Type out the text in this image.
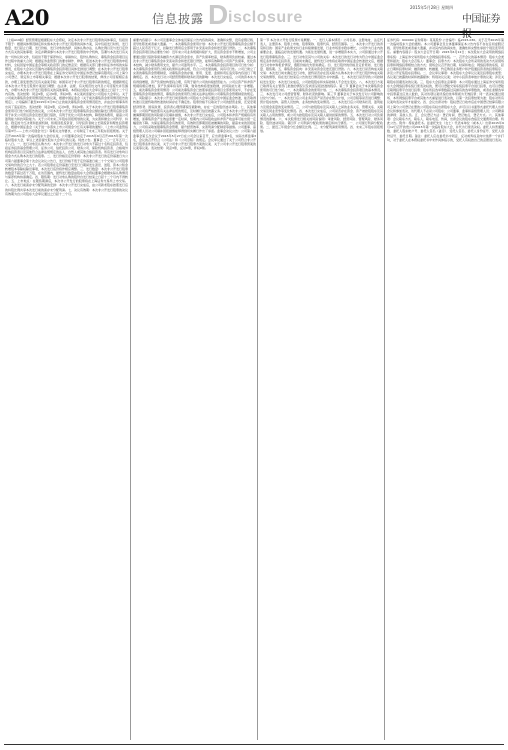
A20	信息披露 D isclosure
2015年5月28日 星期四
中国证券

（上接A19版）经营管理层根据股东大会授权，决定本次非公开发行股票的具体事宜，包括但不限于：根据具体情况制定和实施本次非公开发行股票的具体方案，其中包括发行时机、发行数量、发行起止日期、发行价格、发行对象的选择、具体认购办法、认购比例以及与发行定价方式有关的其他事项；决定并聘请参与本次非公开发行股票的中介机构，签署与本次发行有关的一切协议和文件，包括但不限于保荐协议、承销协议、股份认购协议、募集资金投资项目运作过程中的重大合同；根据证券监管部门的要求制作、修改、报送本次非公开发行股票的申报材料，全权回复中国证监会等相关政府部门的反馈意见；根据有关部门要求和证券市场的实际情况，在股东大会决议范围内对募集资金投资项目具体安排进行调整；在本次非公开发行股票完成后，办理本次非公开发行股票在上海证券交易所及中国证券登记结算有限责任公司上海分公司登记、锁定和上市等相关事宜；根据本次非公开发行股票的结果，修改公司章程相应条款，办理工商变更登记及有关备案手续；如国家对于非公开发行股票有新的规定，根据新规定对本次非公开发行股票方案进行调整；在法律、法规、有关规范性文件及公司章程允许范围内，办理与本次非公开发行股票有关的其他事项。本授权自股东大会审议通过之日起十二个月内有效。表决结果：同意9票，反对0票，弃权0票。本议案尚需提交公司股东大会审议。关于公司前次募集资金使用情况报告的议案，根据中国证监会《关于前次募集资金使用情况报告的规定》，公司编制了截至2015年3月31日止的前次募集资金使用情况报告，并由会计师事务所出具了鉴证报告。表决结果：同意9票，反对0票，弃权0票。关于本次非公开发行股票募集资金使用可行性分析报告的议案，公司本次非公开发行股票募集资金总额扣除发行费用后拟全部用于补充公司营运资金及偿还银行借款，有利于优化公司资本结构，降低财务费用，提高公司盈利能力和抗风险能力。关于公司未来三年股东回报规划的议案，为完善和健全公司科学、持续、稳定的分红决策和监督机制，积极回报投资者，引导投资者树立长期投资和理性投资理念，根据中国证监会《关于进一步落实上市公司现金分红有关事项的通知》、《上市公司监管指引第3号——上市公司现金分红》等相关文件要求，公司制定了未来三年股东回报规划。关于召开2015年第一次临时股东大会的议案，公司董事会决定于2015年6月召开2015年第一次临时股东大会，审议上述需提交股东大会审议的议案。特此公告。董事会 二〇一五年五月二十八日。一、发行对象及认购方式：本次非公开发行的发行对象为不超过十名特定投资者，包括证券投资基金管理公司、证券公司、信托投资公司、财务公司、保险机构投资者、合格境外机构投资者以及其他符合法律法规规定的法人、自然人或其他合格投资者。所有发行对象均以现金方式认购本次发行的股票。二、发行价格及定价原则：本次非公开发行的定价基准日为公司第六届董事会第十次会议决议公告日，发行价格不低于定价基准日前二十个交易日公司股票交易均价的百分之九十。若公司股票在定价基准日至发行日期间发生派息、送股、资本公积金转增股本等除权除息事项，本次发行底价将作相应调整。三、发行数量：本次非公开发行股票的数量不超过若干万股，在该范围内，最终发行数量由股东大会授权董事会根据实际认购情况与保荐机构协商确定。四、限售期：发行对象认购的股份自发行结束之日起十二个月内不得转让。五、上市地点：在限售期满后，本次非公开发行的股票将在上海证券交易所上市交易。六、本次发行前滚存未分配利润的安排：本次非公开发行完成后，由公司新老股东按照发行后的持股比例共享本次发行前的滚存未分配利润。七、决议有效期：本次非公开发行股票的决议有效期为自公司股东大会审议通过之日起十二个月。

重要内容提示：本公司及董事会全体成员保证公告内容的真实、准确和完整，没有虚假记载、误导性陈述或者重大遗漏。一、本次募集资金使用计划：本次非公开发行股票募集资金总额不超过人民币若干亿元，扣除发行费用后全部用于补充流动资金和偿还银行贷款。二、本次募集资金投资项目的必要性分析：近年来公司业务规模持续扩大，营运资金需求不断增加，公司主要通过银行借款等债务融资方式满足资金需求，资产负债率较高，财务费用负担较重。通过本次非公开发行募集资金补充流动资金和偿还银行贷款，能够有效降低公司资产负债率，优化资本结构，减少财务费用支出，提升公司盈利水平。三、本次募集资金投资项目的可行性分析：本次募集资金使用符合相关政策和法律法规，符合公司发展战略，具有可行性。公司已建立了完善的募集资金管理制度，对募集资金的存储、使用、变更、监督和责任追究等内容进行了明确规定。四、本次发行对公司经营管理和财务状况的影响：本次发行完成后，公司的资本实力将得到增强，资产负债结构更趋合理，有利于提升公司的持续经营能力。公司总资产和净资产规模将相应增加，资产负债率将有所下降，财务结构将更加稳健，抗风险能力进一步增强。五、前次募集资金使用情况：公司前次募集资金已按照承诺投资项目全部使用完毕，不存在变更募集资金用途的情况，募集资金的使用符合相关法律法规和公司募集资金管理制度的规定。六、风险提示：本次非公开发行尚需取得公司股东大会审议通过及中国证监会核准，能否取得核准以及最终取得核准的时间存在不确定性。股票价格不仅取决于公司的经营业绩，还受宏观经济形势、国家政策、投资者心理预期等因素影响，存在一定的股价波动风险。七、其他事项：公司将严格按照有关法律法规的规定，及时履行信息披露义务。关于本次非公开发行股票摊薄即期回报的风险提示及填补措施，本次非公开发行完成后，公司股本和净资产规模将有所增加，而募集资金产生效益需要一定时间，短期内公司每股收益和净资产收益率可能出现一定幅度的下降。为保证募集资金有效使用，有效防范即期回报被摊薄的风险，提高未来的回报能力，公司将采取加强募集资金管理、提升经营效率、完善利润分配制度等措施。公司董事、高级管理人员对公司填补回报措施能够得到切实履行作出了承诺。监事会决议公告：公司第六届监事会第五次会议于2015年5月27日在公司会议室召开，应出席监事3名，实际出席监事3名，会议的召开符合《公司法》和《公司章程》的规定。会议审议通过了关于公司符合非公开发行股票条件的议案、关于公司非公开发行股票方案的议案、关于公司非公开发行股票预案的议案等议案。表决结果：同意3票，反对0票，弃权0票。

第一节 本次非公开发行股票方案概要。一、发行人基本情况：公司名称、注册地址、法定代表人、注册资本、股票上市地、股票简称、股票代码、经营范围等。二、本次非公开发行的背景和目的：国家产业政策支持行业持续健康发展，行业市场需求稳步增长，公司作为行业内的重要企业，面临良好的发展机遇。为抓住发展机遇，进一步增强资本实力，公司拟通过非公开发行股票募集资金。三、发行对象及其与公司的关系：本次发行的发行对象为符合中国证监会规定条件的特定投资者，目前尚未确定，最终发行对象将在取得中国证监会核准批文后，根据发行对象申购报价情况，遵照价格优先原则确定。四、发行股份的价格及定价原则、发行数量、限售期。五、募集资金投向：补充流动资金及偿还银行贷款。六、本次发行是否构成关联交易：本次发行尚未确定发行对象，最终是否存在因关联方认购本次非公开发行股份构成关联交易的情形，将在发行结束后公告的发行情况报告书中披露。七、本次发行是否导致公司控制权发生变化：本次发行完成后，公司控股股东和实际控制人不会发生变化。八、本次发行方案已取得有关主管部门批准的情况以及尚需呈报批准的程序。第二节 董事会关于本次募集资金使用的可行性分析。一、本次募集资金的使用计划。二、本次募集资金投资项目的基本情况。三、本次发行对公司经营管理、财务状况的影响。第三节 董事会关于本次发行对公司影响的讨论与分析。一、本次发行后公司业务及资产是否存在整合计划，公司章程等是否进行调整；预计股东结构、高管人员结构、业务结构的变动情况。二、本次发行后公司财务状况、盈利能力及现金流量的变动情况。三、公司与控股股东及其关联人之间的业务关系、管理关系、关联交易及同业竞争等变化情况。四、本次发行完成后，公司是否存在资金、资产被控股股东及其关联人占用的情形，或公司为控股股东及其关联人提供担保的情形。五、本次发行对公司负债情况的影响。六、本次股票发行相关的风险说明：审批风险、经营风险、管理风险、财务风险、股价波动风险。第四节 公司利润分配政策的制定和执行情况。一、公司现行利润分配政策。二、最近三年现金分红金额及比例。三、未分配利润使用情况。四、未来三年股东回报规划。

证券代码：600000 证券简称：某某股份 公告编号：临2015-030。关于召开2015年第一次临时股东大会的通知。本公司董事会及全体董事保证本公告内容不存在任何虚假记载、误导性陈述或者重大遗漏，并对其内容的真实性、准确性和完整性承担个别及连带责任。重要内容提示：股东大会召开日期：2015年6月12日；本次股东大会采用的网络投票系统：上海证券交易所股东大会网络投票系统。一、召开会议的基本情况：股东大会类型和届次；股东大会召集人：董事会；投票方式：本次股东大会所采用的表决方式是现场投票和网络投票相结合的方式；现场会议召开的日期、时间和地点；网络投票的系统、起止日期和投票时间；融资融券、转融通、约定购回业务账户和沪股通投资者的投票程序；涉及公开征集股东投票权。二、会议审议事项：本次股东大会审议议案及投票股东类型；各议案已披露的时间和披露媒体；特别决议议案；对中小投资者单独计票的议案；涉及关联股东回避表决的议案。三、股东大会投票注意事项：本公司股东通过上海证券交易所股东大会网络投票系统行使表决权的，既可以登陆交易系统投票平台进行投票，也可以登陆互联网投票平台进行投票；股东所投选举票数超过其拥有的选举票数的，或者在差额选举中投票超过应选人数的，其对该项议案所投的选举票视为无效投票；同一表决权通过现场、本所网络投票平台或其他方式重复进行表决的，以第一次投票结果为准；股东对所有议案均表决完毕才能提交。四、会议出席对象：股权登记日收市后在中国登记结算有限公司上海分公司登记在册的公司股东有权出席股东大会，并可以以书面形式委托代理人出席会议和参加表决，该代理人不必是公司股东；公司董事、监事和高级管理人员；公司聘请的律师；其他人员。五、会议登记方法：登记时间、登记地点、登记方式。六、其他事项：会议联系方式、联系人、联系电话、传真，出席会议的股东食宿及交通费用自理。特此公告。附件：授权委托书。兹委托先生（女士）代表本单位（或本人）出席2015年6月12日召开的贵公司2015年第一次临时股东大会，并代为行使表决权。委托人持普通股数、委托人股东帐户号、委托人签名（盖章）、受托人签名、委托人身份证号、受托人身份证号、委托日期。备注：委托人应在委托书中同意、反对或弃权意向中选择一个并打勾，对于委托人在本授权委托书中未作具体指示的，受托人有权按自己的意愿进行表决。
